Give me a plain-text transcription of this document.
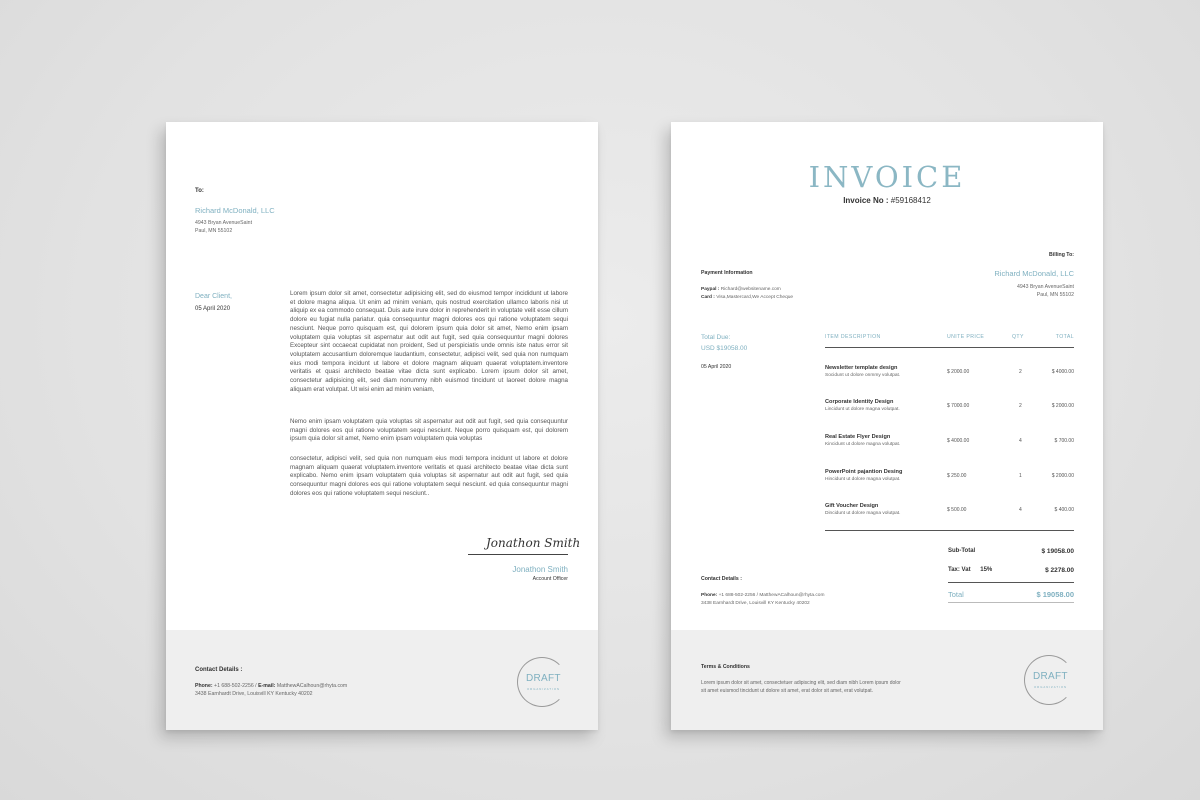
To:
Richard McDonald, LLC
4943 Bryan AvenueSaint
Paul, MN 55102
Dear Client,
05 April 2020
Lorem ipsum dolor sit amet, consectetur adipisicing elit, sed do eiusmod tempor incididunt ut labore et dolore magna aliqua. Ut enim ad minim veniam, quis nostrud exercitation ullamco laboris nisi ut aliquip ex ea commodo consequat. Duis aute irure dolor in reprehenderit in voluptate velit esse cillum dolore eu fugiat nulla pariatur. quia consequuntur magni dolores eos qui ratione voluptatem sequi nesciunt. Neque porro quisquam est, qui dolorem ipsum quia dolor sit amet, Nemo enim ipsam voluptatem quia voluptas sit aspernatur aut odit aut fugit, sed quia consequuntur magni dolores Excepteur sint occaecat cupidatat non proident, Sed ut perspiciatis unde omnis iste natus error sit voluptatem accusantium doloremque laudantium, consectetur, adipisci velit, sed quia non numquam eius modi tempora incidunt ut labore et dolore magnam aliquam quaerat voluptatem.inventore veritatis et quasi architecto beatae vitae dicta sunt explicabo. Lorem ipsum dolor sit amet, consectetur adipisicing elit, sed diam nonummy nibh euismod tincidunt ut laoreet dolore magna aliquam erat volutpat. Ut wisi enim ad minim veniam,
Nemo enim ipsam voluptatem quia voluptas sit aspernatur aut odit aut fugit, sed quia consequuntur magni dolores eos qui ratione voluptatem sequi nesciunt. Neque porro quisquam est, qui dolorem ipsum quia dolor sit amet, Nemo enim ipsam voluptatem quia voluptas
consectetur, adipisci velit, sed quia non numquam eius modi tempora incidunt ut labore et dolore magnam aliquam quaerat voluptatem.inventore veritatis et quasi architecto beatae vitae dicta sunt explicabo. Nemo enim ipsam voluptatem quia voluptas sit aspernatur aut odit aut fugit, sed quia consequuntur magni dolores eos qui ratione voluptatem sequi nesciunt. ed quia consequuntur magni dolores eos qui ratione voluptatem sequi nesciunt..
Jonathon Smith
Jonathon Smith
Account Officer
Contact Details :
Phone: +1 688-502-2256 / E-mail: MatthewACalhoun@rhyta.com
3438 Earnhardt Drive, Louisvill KY Kentucky 40202
DRAFT
ORGANIZATION
INVOICE
Invoice No : #59168412
Billing To:
Richard McDonald, LLC
4943 Bryan AvenueSaint
Paul, MN 55102
Payment Information
Paypal : Richard@websitename.com
Card : Visa,Mastercard,We Accept Cheque
Total Due:
USD $19058.00
05 April 2020
ITEM DESCRIPTION	UNITE PRICE	QTY	TOTAL
Newsletter template design
Socidunt ut dolore onmmy volutpat.
$ 2000.00	2	$ 4000.00
Corporate Identity Design
Lincidunt ut dolore magna volutpat.
$ 7000.00	2	$ 2000.00
Real Estate Flyer Design
Kincidunt ut dolore magna volutpat.
$ 4000.00	4	$ 700.00
PowerPoint pajantion Desing
Hincidunt ut dolore magna volutpat.
$ 250.00	1	$ 2000.00
Gift Voucher Design
Dincidunt ut dolore magna volutpat.
$ 500.00	4	$ 400.00
Sub-Total	$ 19058.00
Tax: Vat 15%	$ 2278.00
Total	$ 19058.00
Contact Details :
Phone: +1 688-502-2256 / MatthewACalhoun@rhyta.com
3438 Earnhardt Drive, Louisvill KY Kentucky 40202
Terms & Conditions
Lorem ipsum dolor sit amet, consectetuer adipiscing elit, sed diam nibh Lorem ipsum dolor sit amet euismod tincidunt ut dolore sit amet, erat dolor sit amet, erat volutpat.
DRAFT
ORGANIZATION
